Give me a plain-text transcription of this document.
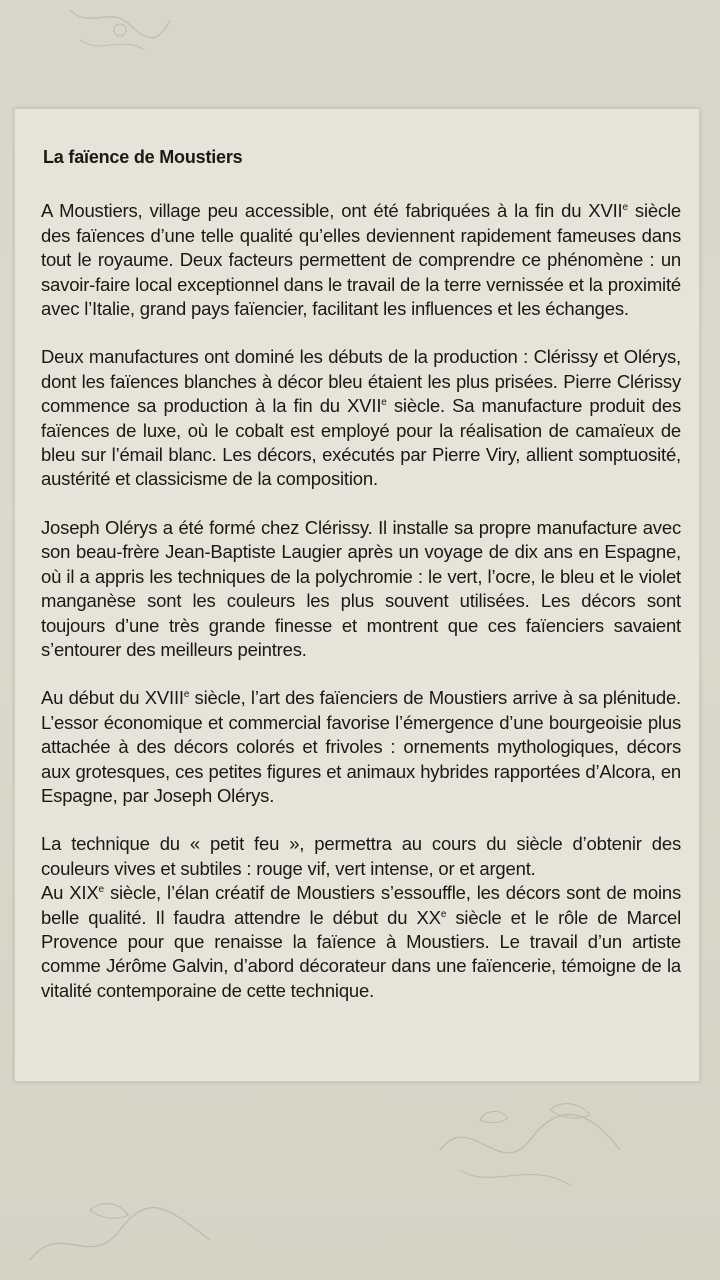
La faïence de Moustiers
A Moustiers, village peu accessible, ont été fabriquées à la fin du XVIIe siècle des faïences d’une telle qualité qu’elles deviennent rapidement fameuses dans tout le royaume. Deux facteurs permettent de comprendre ce phénomène : un savoir-faire local exceptionnel dans le travail de la terre vernissée et la proximité avec l’Italie, grand pays faïencier, facilitant les influences et les échanges.
Deux manufactures ont dominé les débuts de la production : Clérissy et Olérys, dont les faïences blanches à décor bleu étaient les plus prisées. Pierre Clérissy commence sa production à la fin du XVIIe siècle. Sa manufacture produit des faïences de luxe, où le cobalt est employé pour la réalisation de camaïeux de bleu sur l’émail blanc. Les décors, exécutés par Pierre Viry, allient somptuosité, austérité et classicisme de la composition.
Joseph Olérys a été formé chez Clérissy. Il installe sa propre manufacture avec son beau-frère Jean-Baptiste Laugier après un voyage de dix ans en Espagne, où il a appris les techniques de la polychromie : le vert, l’ocre, le bleu et le violet manganèse sont les couleurs les plus souvent utilisées. Les décors sont toujours d’une très grande finesse et montrent que ces faïenciers savaient s’entourer des meilleurs peintres.
Au début du XVIIIe siècle, l’art des faïenciers de Moustiers arrive à sa plénitude. L’essor économique et commercial favorise l’émergence d’une bourgeoisie plus attachée à des décors colorés et frivoles : ornements mythologiques, décors aux grotesques, ces petites figures et animaux hybrides rapportées d’Alcora, en Espagne, par Joseph Olérys.
La technique du « petit feu », permettra au cours du siècle d’obtenir des couleurs vives et subtiles : rouge vif, vert intense, or et argent.
Au XIXe siècle, l’élan créatif de Moustiers s’essouffle, les décors sont de moins belle qualité. Il faudra attendre le début du XXe siècle et le rôle de Marcel Provence pour que renaisse la faïence à Moustiers. Le travail d’un artiste comme Jérôme Galvin, d’abord décorateur dans une faïencerie, témoigne de la vitalité contemporaine de cette technique.
